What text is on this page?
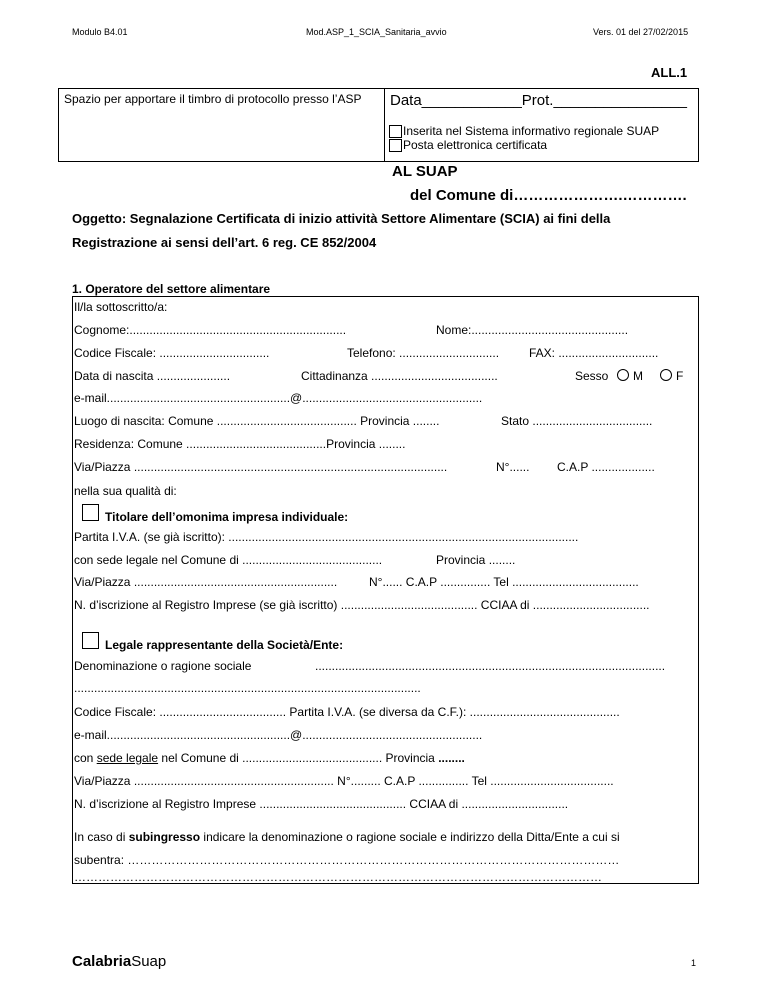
Modulo B4.01	Mod.ASP_1_SCIA_Sanitaria_avvio	Vers. 01 del 27/02/2015
ALL.1
Spazio per apportare il timbro di protocollo presso l’ASP	Data____________Prot.________________
Inserita nel Sistema informativo regionale SUAP
Posta elettronica certificata
AL SUAP
del Comune di………………….………….
Oggetto: Segnalazione Certificata di inizio attività Settore Alimentare (SCIA) ai fini della
Registrazione ai sensi dell’art. 6 reg. CE 852/2004
1. Operatore del settore alimentare
Il/la sottoscritto/a:
Cognome:.................................................................	Nome:...............................................
Codice Fiscale: .................................	Telefono: .............................. FAX: ..............................
Data di nascita ......................	Cittadinanza ......................................	Sesso M	F
e-mail.......................................................@......................................................
Luogo di nascita: Comune .......................................... Provincia ........	Stato ....................................
Residenza: Comune ..........................................Provincia ........
Via/Piazza ..............................................................................................	N°...... C.A.P ...................
nella sua qualità di:
Titolare dell’omonima impresa individuale:
Partita I.V.A. (se già iscritto): .........................................................................................................
con sede legale nel Comune di ..........................................	Provincia ........
Via/Piazza .............................................................	N°...... C.A.P ............... Tel ......................................
N. d’iscrizione al Registro Imprese (se già iscritto) ......................................... CCIAA di ...................................
Legale rappresentante della Società/Ente:
Denominazione o ragione sociale	.........................................................................................................
........................................................................................................
Codice Fiscale: ...................................... Partita I.V.A. (se diversa da C.F.): .............................................
e-mail.......................................................@......................................................
con sede legale nel Comune di .......................................... Provincia ........
Via/Piazza ............................................................ N°......... C.A.P ............... Tel .....................................
N. d’iscrizione al Registro Imprese ............................................ CCIAA di ................................
In caso di subingresso indicare la denominazione o ragione sociale e indirizzo della Ditta/Ente a cui si
subentra: ……………………………………………………………………………………………………………
……………………………………………………………………………………………………………………
CalabriaSuap	1
